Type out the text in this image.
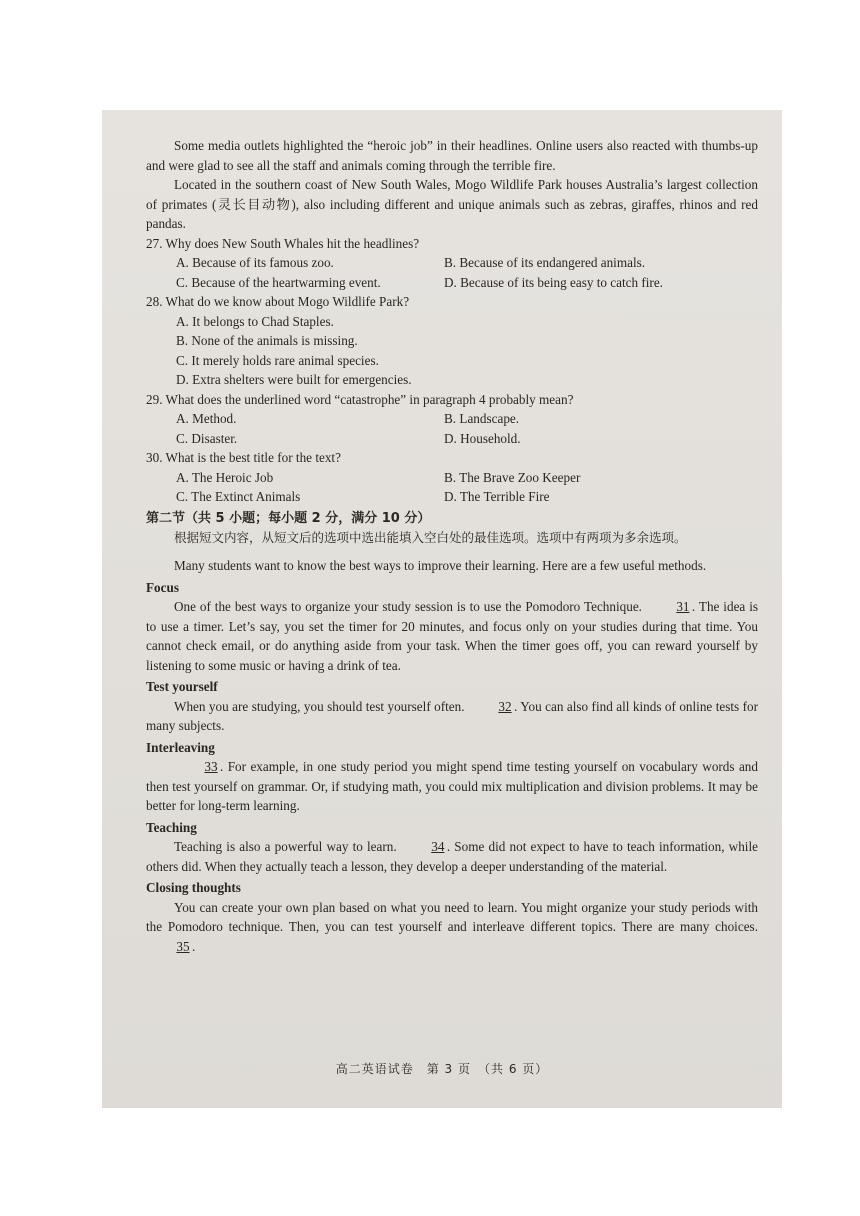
Some media outlets highlighted the “heroic job” in their headlines. Online users also reacted with thumbs-up and were glad to see all the staff and animals coming through the terrible fire.

Located in the southern coast of New South Wales, Mogo Wildlife Park houses Australia’s largest collection of primates (灵长目动物), also including different and unique animals such as zebras, giraffes, rhinos and red pandas.

27. Why does New South Whales hit the headlines?

A. Because of its famous zoo.	B. Because of its endangered animals.

C. Because of the heartwarming event.	D. Because of its being easy to catch fire.

28. What do we know about Mogo Wildlife Park?

A. It belongs to Chad Staples.

B. None of the animals is missing.

C. It merely holds rare animal species.

D. Extra shelters were built for emergencies.

29. What does the underlined word “catastrophe” in paragraph 4 probably mean?

A. Method.	B. Landscape.

C. Disaster.	D. Household.

30. What is the best title for the text?

A. The Heroic Job	B. The Brave Zoo Keeper

C. The Extinct Animals	D. The Terrible Fire

第二节（共 5 小题；每小题 2 分，满分 10 分）

根据短文内容，从短文后的选项中选出能填入空白处的最佳选项。选项中有两项为多余选项。

Many students want to know the best ways to improve their learning. Here are a few useful methods.

Focus

One of the best ways to organize your study session is to use the Pomodoro Technique.	31 . The idea is to use a timer. Let’s say, you set the timer for 20 minutes, and focus only on your studies during that time. You cannot check email, or do anything aside from your task. When the timer goes off, you can reward yourself by listening to some music or having a drink of tea.

Test yourself

When you are studying, you should test yourself often.	32 . You can also find all kinds of online tests for many subjects.

Interleaving

33 . For example, in one study period you might spend time testing yourself on vocabulary words and then test yourself on grammar. Or, if studying math, you could mix multiplication and division problems. It may be better for long-term learning.

Teaching

Teaching is also a powerful way to learn.	34 . Some did not expect to have to teach information, while others did. When they actually teach a lesson, they develop a deeper understanding of the material.

Closing thoughts

You can create your own plan based on what you need to learn. You might organize your study periods with the Pomodoro technique. Then, you can test yourself and interleave different topics. There are many choices. 35 .

高二英语试卷　第 3 页　（共 6 页）
